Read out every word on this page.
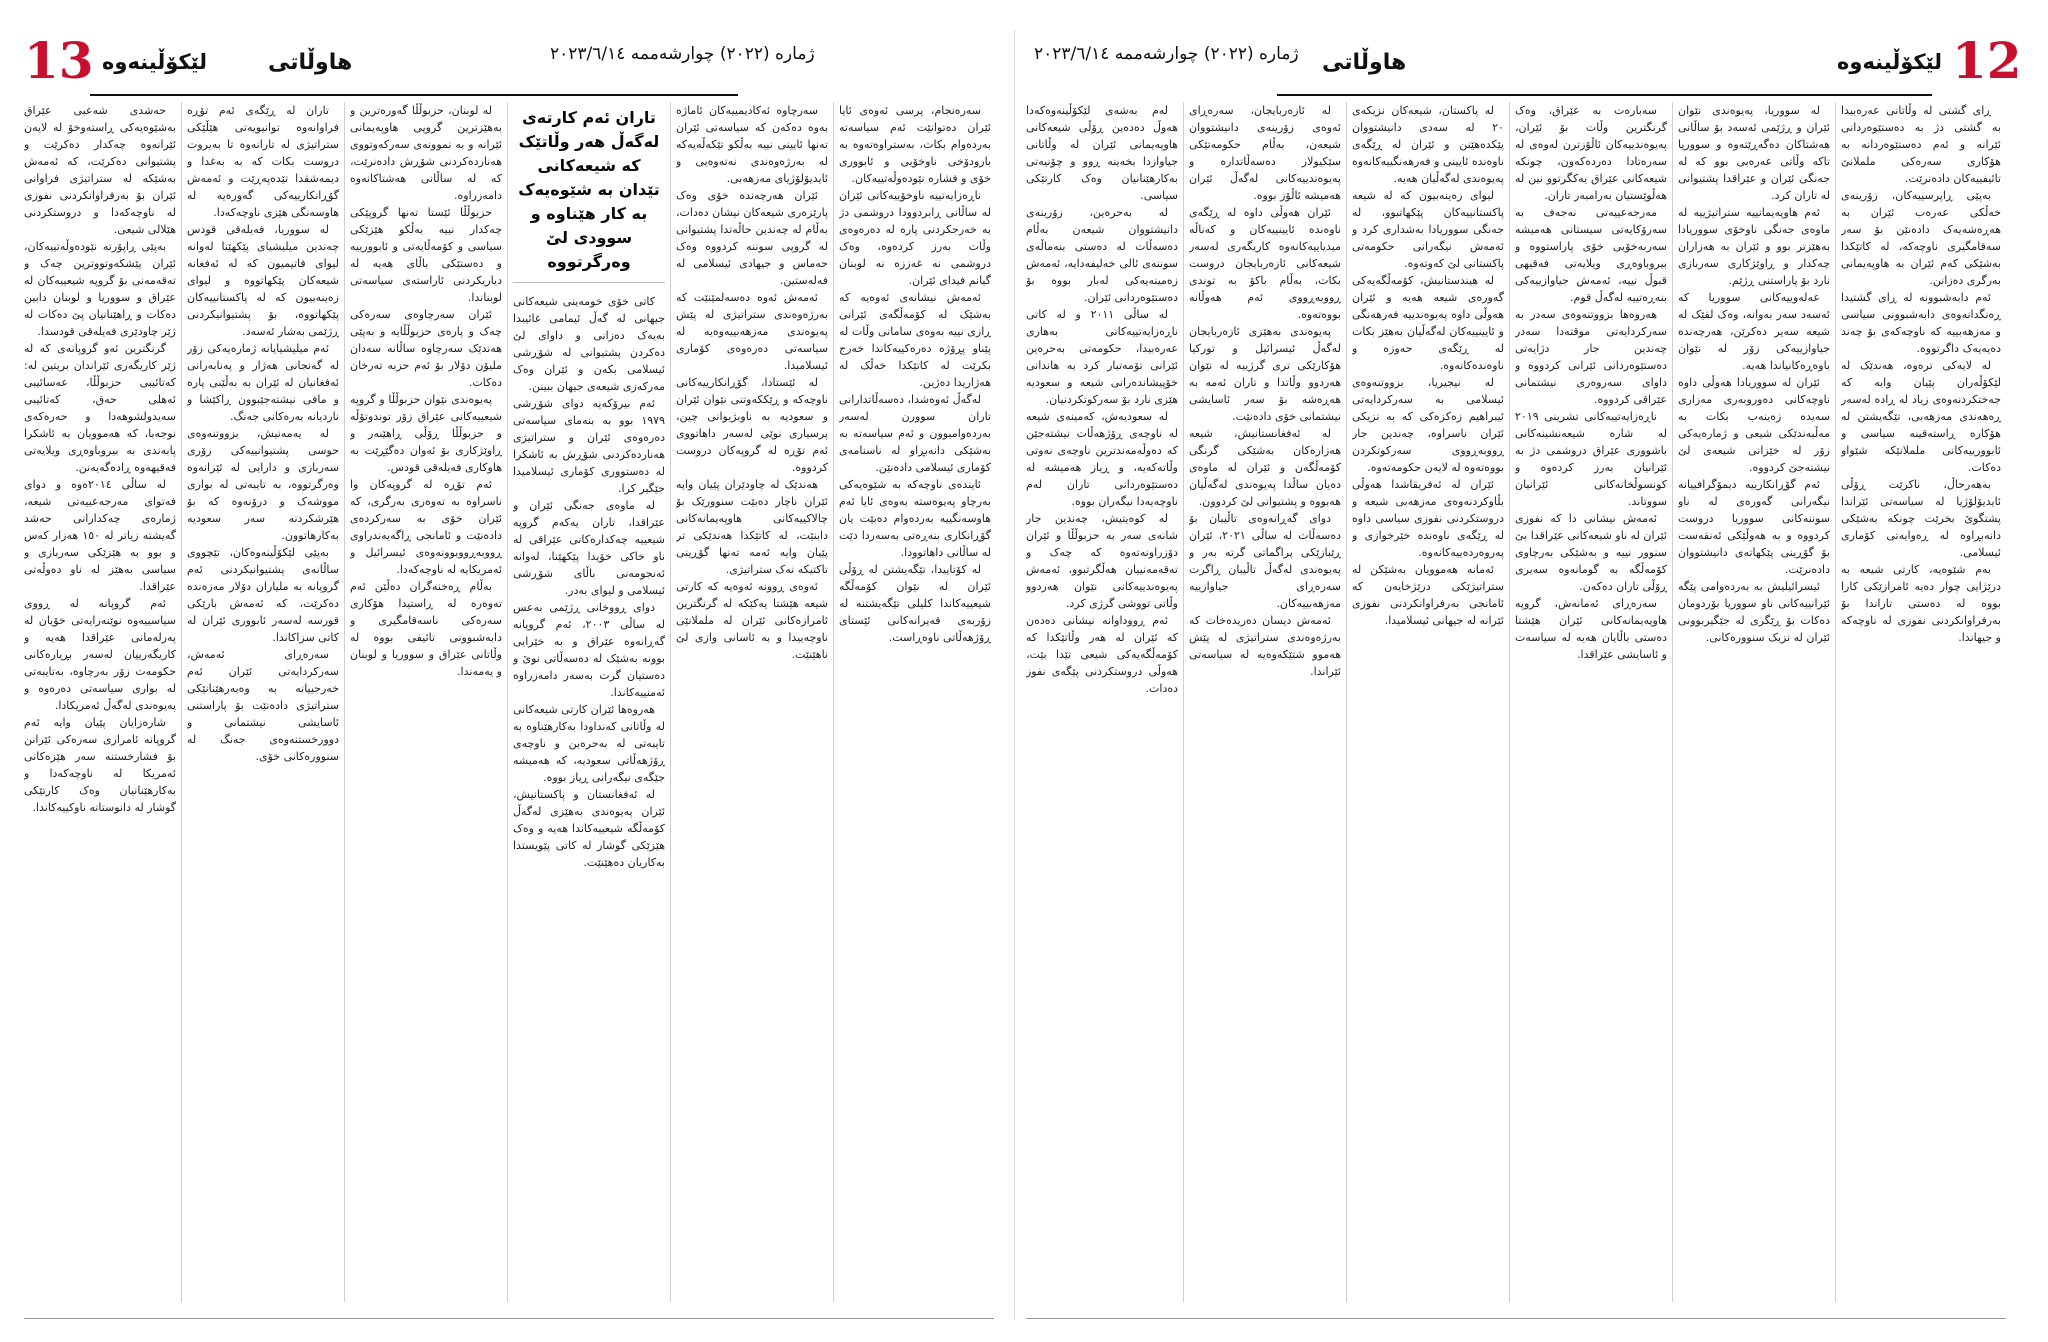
13 لێکۆڵینەوە	هاوڵاتی	ژمارە (٢٠٢٢) چوارشەممە ٢٠٢٣/٦/١٤

حەشدی شەعبی عێراق بەشێوەیەکی ڕاستەوخۆ لە لایەن ئێرانەوە چەکدار دەکرێت و پشتیوانی دەکرێت، کە ئەمەش بەشێکە لە ستراتیژی فراوانی ئێران بۆ بەرفراوانکردنی نفوزی لە ناوچەکەدا و دروستکردنی هێلالی شیعی.

بەپێی ڕاپۆرتە نێودەوڵەتییەکان، ئێران پێشکەوتووترین چەک و تەقەمەنی بۆ گروپە شیعییەکان لە عێراق و سووریا و لوبنان دابین دەکات و ڕاهێنانیان پێ دەکات لە ژێر چاودێری فەیلەقی قودسدا.

گرنگترین ئەو گروپانەی کە لە ژێر کاریگەری ئێراندان بریتین لە: کەتائیبی حزبوڵڵا، عەسائیبی ئەهلی حەق، کەتائیبی سەیدولشوهەدا و حەرەکەی نوجەبا، کە هەموویان بە ئاشکرا پابەندی بە بیروباوەڕی ویلایەتی فەقیهەوە ڕادەگەیەنن.

لە ساڵی ٢٠١٤ەوە و دوای فەتوای مەرجەعییەتی شیعە، ژمارەی چەکدارانی حەشد گەیشتە زیاتر لە ١٥٠ هەزار کەس و بوو بە هێزێکی سەربازی و سیاسی بەهێز لە ناو دەوڵەتی عێراقدا.

ئەم گروپانە لە ڕووی سیاسییەوە نوێنەرایەتی خۆیان لە پەرلەمانی عێراقدا هەیە و کاریگەرییان لەسەر بڕیارەکانی حکومەت زۆر بەرچاوە، بەتایبەتی لە بواری سیاسەتی دەرەوە و پەیوەندی لەگەڵ ئەمریکادا.

شارەزایان پێیان وایە ئەم گروپانە ئامرازی سەرەکی ئێرانن بۆ فشارخستنە سەر هێزەکانی ئەمریکا لە ناوچەکەدا و بەکارهێنانیان وەک کارتێکی گوشار لە دانوستانە ناوکییەکاندا.

تاران لە ڕێگەی ئەم تۆڕە فراوانەوە توانیویەتی هێڵێکی ستراتیژی لە تارانەوە تا بەیروت دروست بکات کە بە بەغدا و دیمەشقدا تێدەپەڕێت و ئەمەش گۆڕانکارییەکی گەورەیە لە هاوسەنگی هێزی ناوچەکەدا.

لە سووریا، فەیلەقی قودس چەندین میلیشیای پێکهێنا لەوانە لیوای فاتیمیون کە لە ئەفغانە شیعەکان پێکهاتووە و لیوای زەینەبیون کە لە پاکستانییەکان پێکهاتووە، بۆ پشتیوانیکردنی ڕژێمی بەشار ئەسەد.

ئەم میلیشیایانە ژمارەیەکی زۆر لە گەنجانی هەژار و پەنابەرانی ئەفغانیان لە ئێران بە بەڵێنی پارە و مافی نیشتەجێبوون ڕاکێشا و ناردیانە بەرەکانی جەنگ.

لە یەمەنیش، بزووتنەوەی حوسی پشتیوانییەکی زۆری سەربازی و دارایی لە ئێرانەوە وەرگرتووە، بە تایبەتی لە بواری مووشەک و درۆنەوە کە بۆ هێرشکردنە سەر سعودیە بەکارهاتوون.

بەپێی لێکۆڵینەوەکان، تێچووی ساڵانەی پشتیوانیکردنی ئەم گروپانە بە ملیاران دۆلار مەزەندە دەکرێت، کە ئەمەش بارێکی قورسە لەسەر ئابووری ئێران لە کاتی سزاکاندا.

سەرەڕای ئەمەش، سەرکردایەتی ئێران ئەم خەرجییانە بە وەبەرهێنانێکی ستراتیژی دادەنێت بۆ پاراستنی ئاسایشی نیشتمانی و دوورخستنەوەی جەنگ لە سنوورەکانی خۆی.

لە لوبنان، حزبوڵڵا گەورەترین و بەهێزترین گروپی هاوپەیمانی ئێرانە و بە نموونەی سەرکەوتووی هەناردەکردنی شۆڕش دادەنرێت، کە لە ساڵانی هەشتاکانەوە دامەزراوە.

حزبوڵڵا ئێستا تەنها گروپێکی چەکدار نییە بەڵکو هێزێکی سیاسی و کۆمەڵایەتی و ئابوورییە و دەستێکی باڵای هەیە لە دیاریکردنی ئاراستەی سیاسەتی لوبناندا.

ئێران سەرچاوەی سەرەکی چەک و پارەی حزبوڵڵایە و بەپێی هەندێک سەرچاوە ساڵانە سەدان ملیۆن دۆلار بۆ ئەم حزبە تەرخان دەکات.

پەیوەندی نێوان حزبوڵڵا و گروپە شیعییەکانی عێراق زۆر توندوتۆڵە و حزبوڵڵا ڕۆڵی ڕاهێنەر و ڕاوێژکاری بۆ ئەوان دەگێڕێت بە هاوکاری فەیلەقی قودس.

ئەم تۆڕە لە گروپەکان وا ناسراوە بە تەوەری بەرگری، کە ئێران خۆی بە سەرکردەی دادەنێت و ئامانجی ڕاگەیەندراوی ڕووبەڕووبوونەوەی ئیسرائیل و ئەمریکایە لە ناوچەکەدا.

بەڵام ڕەخنەگران دەڵێن ئەم تەوەرە لە ڕاستیدا هۆکاری سەرەکی ناسەقامگیری و دابەشبوونی تائیفی بووە لە وڵاتانی عێراق و سووریا و لوبنان و یەمەندا.

تاران ئەم کارتەی لەگەڵ هەر وڵاتێک کە شیعەکانی تێدان بە شێوەیەک بە کار هێناوە و سوودی لێ وەرگرتووە

کاتی خۆی خومەینی شیعەکانی جیهانی لە گەڵ ئیمامی غائیبدا بەیەک دەزانی و داوای لێ دەکردن پشتیوانی لە شۆڕشی ئیسلامی بکەن و ئێران وەک مەرکەزی شیعەی جیهان ببینن.

ئەم بیرۆکەیە دوای شۆڕشی ١٩٧٩ بوو بە بنەمای سیاسەتی دەرەوەی ئێران و ستراتیژی هەناردەکردنی شۆڕش بە ئاشکرا لە دەستووری کۆماری ئیسلامیدا جێگیر کرا.

لە ماوەی جەنگی ئێران و عێراقدا، تاران یەکەم گروپە شیعییە چەکدارەکانی عێراقی لە ناو خاکی خۆیدا پێکهێنا، لەوانە ئەنجومەنی باڵای شۆڕشی ئیسلامی و لیوای بەدر.

دوای ڕووخانی ڕژێمی بەعس لە ساڵی ٢٠٠٣، ئەم گروپانە گەڕانەوە عێراق و بە خێرایی بوونە بەشێک لە دەسەڵاتی نوێ و دەستیان گرت بەسەر دامەزراوە ئەمنییەکاندا.

هەروەها ئێران کارتی شیعەکانی لە وڵاتانی کەنداودا بەکارهێناوە بە تایبەتی لە بەحرەین و ناوچەی ڕۆژهەڵاتی سعودیە، کە هەمیشە جێگەی نیگەرانی ڕیاز بووە.

لە ئەفغانستان و پاکستانیش، ئێران پەیوەندی بەهێزی لەگەڵ کۆمەڵگە شیعییەکاندا هەیە و وەک هێزێکی گوشار لە کاتی پێویستدا بەکاریان دەهێنێت.

سەرچاوە ئەکادیمییەکان ئاماژە بەوە دەکەن کە سیاسەتی ئێران تەنها ئایینی نییە بەڵکو تێکەڵەیەکە لە بەرژەوەندی نەتەوەیی و ئایدیۆلۆژیای مەزهەبی.

ئێران هەرچەندە خۆی وەک پارێزەری شیعەکان نیشان دەدات، بەڵام لە چەندین حاڵەتدا پشتیوانی لە گروپی سوننە کردووە وەک حەماس و جیهادی ئیسلامی لە فەلەستین.

ئەمەش ئەوە دەسەلمێنێت کە بەرژەوەندی ستراتیژی لە پێش پەیوەندی مەزهەبییەوەیە لە سیاسەتی دەرەوەی کۆماری ئیسلامیدا.

لە ئێستادا، گۆڕانکارییەکانی ناوچەکە و ڕێککەوتنی نێوان ئێران و سعودیە بە ناوبژیوانی چین، پرسیاری نوێی لەسەر داهاتووی ئەم تۆڕە لە گروپەکان دروست کردووە.

هەندێک لە چاودێران پێیان وایە ئێران ناچار دەبێت سنوورێک بۆ چالاکییەکانی هاوپەیمانەکانی دابنێت، لە کاتێکدا هەندێکی تر پێیان وایە ئەمە تەنها گۆڕینی تاکتیکە نەک ستراتیژی.

ئەوەی ڕوونە ئەوەیە کە کارتی شیعە هێشتا یەکێکە لە گرنگترین ئامرازەکانی ئێران لە ململانێی ناوچەییدا و بە ئاسانی وازی لێ ناهێنێت.

سەرەنجام، پرسی ئەوەی ئایا ئێران دەتوانێت ئەم سیاسەتە بەردەوام بکات، بەستراوەتەوە بە بارودۆخی ناوخۆیی و ئابووری خۆی و فشارە نێودەوڵەتییەکان.

ناڕەزایەتییە ناوخۆییەکانی ئێران لە ساڵانی ڕابردوودا دروشمی دژ بە خەرجکردنی پارە لە دەرەوەی وڵات بەرز کردەوە، وەک دروشمی نە غەززە نە لوبنان گیانم فیدای ئێران.

ئەمەش نیشانەی ئەوەیە کە بەشێک لە کۆمەڵگەی ئێرانی ڕازی نییە بەوەی سامانی وڵات لە پێناو پڕۆژە دەرەکییەکاندا خەرج بکرێت لە کاتێکدا خەڵک لە هەژاریدا دەژین.

لەگەڵ ئەوەشدا، دەسەڵاتدارانی تاران سوورن لەسەر بەردەوامبوون و ئەم سیاسەتە بە بەشێکی دانەبڕاو لە ناسنامەی کۆماری ئیسلامی دادەنێن.

ئایندەی ناوچەکە بە شێوەیەکی بەرچاو پەیوەستە بەوەی ئایا ئەم هاوسەنگییە بەردەوام دەبێت یان گۆڕانکاری بنەڕەتی بەسەردا دێت لە ساڵانی داهاتوودا.

لە کۆتاییدا، تێگەیشتن لە ڕۆڵی ئێران لە نێوان کۆمەڵگە شیعییەکاندا کلیلی تێگەیشتنە لە زۆربەی قەیرانەکانی ئێستای ڕۆژهەڵاتی ناوەڕاست.

ژمارە (٢٠٢٢) چوارشەممە ٢٠٢٣/٦/١٤ هاوڵاتی	لێکۆڵینەوە 12

لەم بەشەی لێکۆڵینەوەکەدا هەوڵ دەدەین ڕۆڵی شیعەکانی هاوپەیمانی ئێران لە وڵاتانی جیاوازدا بخەینە ڕوو و چۆنیەتی بەکارهێنانیان وەک کارتێکی سیاسی.

لە بەحرەین، زۆرینەی دانیشتووان شیعەن بەڵام دەسەڵات لە دەستی بنەماڵەی سوننەی ئالی خەلیفەدایە، ئەمەش زەمینەیەکی لەبار بووە بۆ دەستێوەردانی ئێران.

لە ساڵی ٢٠١١ و لە کاتی ناڕەزایەتییەکانی بەهاری عەرەبیدا، حکومەتی بەحرەین ئێرانی تۆمەتبار کرد بە هاندانی خۆپیشاندەرانی شیعە و سعودیە هێزی نارد بۆ سەرکوتکردنیان.

لە سعودیەش، کەمینەی شیعە لە ناوچەی ڕۆژهەڵات نیشتەجێن کە دەوڵەمەندترین ناوچەی نەوتی وڵاتەکەیە، و ڕیاز هەمیشە لە دەستێوەردانی تاران لەم ناوچەیەدا نیگەران بووە.

لە کوەیتیش، چەندین جار شانەی سەر بە حزبوڵڵا و ئێران دۆزراونەتەوە کە چەک و تەقەمەنییان هەڵگرتبوو، ئەمەش پەیوەندییەکانی نێوان هەردوو وڵاتی تووشی گرژی کرد.

ئەم ڕووداوانە نیشانی دەدەن کە ئێران لە هەر وڵاتێکدا کە کۆمەڵگەیەکی شیعی تێدا بێت، هەوڵی دروستکردنی پێگەی نفوز دەدات.

لە ئازەربایجان، سەرەڕای ئەوەی زۆرینەی دانیشتووان شیعەن، بەڵام حکومەتێکی سێکیولار دەسەڵاتدارە و پەیوەندییەکانی لەگەڵ ئێران هەمیشە ئاڵۆز بووە.

ئێران هەوڵی داوە لە ڕێگەی ناوەندە ئایینییەکان و کەناڵە میدیاییەکانەوە کاریگەری لەسەر شیعەکانی ئازەربایجان دروست بکات، بەڵام باکۆ بە توندی ڕووبەڕووی ئەم هەوڵانە بووەتەوە.

پەیوەندی بەهێزی ئازەربایجان لەگەڵ ئیسرائیل و تورکیا هۆکارێکی تری گرژییە لە نێوان هەردوو وڵاتدا و تاران ئەمە بە هەڕەشە بۆ سەر ئاسایشی نیشتمانی خۆی دادەنێت.

لە ئەفغانستانیش، شیعە هەزارەکان بەشێکی گرنگی کۆمەڵگەن و ئێران لە ماوەی دەیان ساڵدا پەیوەندی لەگەڵیان هەبووە و پشتیوانی لێ کردوون.

دوای گەڕانەوەی تاڵیبان بۆ دەسەڵات لە ساڵی ٢٠٢١، ئێران ڕێبازێکی پراگماتی گرتە بەر و پەیوەندی لەگەڵ تاڵیبان ڕاگرت سەرەڕای جیاوازییە مەزهەبییەکان.

ئەمەش دیسان دەریدەخات کە بەرژەوەندی ستراتیژی لە پێش هەموو شتێکەوەیە لە سیاسەتی ئێراندا.

لە پاکستان، شیعەکان نزیکەی ٢٠ لە سەدی دانیشتووان پێکدەهێنن و ئێران لە ڕێگەی ناوەندە ئایینی و فەرهەنگییەکانەوە پەیوەندی لەگەڵیان هەیە.

لیوای زەینەبیون کە لە شیعە پاکستانییەکان پێکهاتبوو، لە جەنگی سووریادا بەشداری کرد و ئەمەش نیگەرانی حکومەتی پاکستانی لێ کەوتەوە.

لە هیندستانیش، کۆمەڵگەیەکی گەورەی شیعە هەیە و ئێران هەوڵی داوە پەیوەندییە فەرهەنگی و ئایینییەکان لەگەڵیان بەهێز بکات لە ڕێگەی حەوزە و ناوەندەکانەوە.

لە نیجیریا، بزووتنەوەی ئیسلامی بە سەرکردایەتی ئیبراهیم زەکزەکی کە بە نزیکی ئێران ناسراوە، چەندین جار ڕووبەڕووی سەرکوتکردن بووەتەوە لە لایەن حکومەتەوە.

ئێران لە ئەفریقاشدا هەوڵی بڵاوکردنەوەی مەزهەبی شیعە و دروستکردنی نفوزی سیاسی داوە لە ڕێگەی ناوەندە خێرخوازی و پەروەردەییەکانەوە.

ئەمانە هەموویان بەشێکن لە ستراتیژێکی درێژخایەن کە ئامانجی بەرفراوانکردنی نفوزی ئێرانە لە جیهانی ئیسلامیدا.

سەبارەت بە عێراق، وەک گرنگترین وڵات بۆ ئێران، پەیوەندییەکان ئاڵۆزترن لەوەی لە سەرەتادا دەردەکەون، چونکە شیعەکانی عێراق یەکگرتوو نین لە هەڵوێستیان بەرامبەر تاران.

مەرجەعییەتی نەجەف بە سەرۆکایەتی سیستانی هەمیشە سەربەخۆیی خۆی پاراستووە و بیروباوەڕی ویلایەتی فەقیهی قبوڵ نییە، ئەمەش جیاوازییەکی بنەڕەتییە لەگەڵ قوم.

هەروەها بزووتنەوەی سەدر بە سەرکردایەتی موقتەدا سەدر چەندین جار دژایەتی دەستێوەردانی ئێرانی کردووە و داوای سەروەری نیشتمانی عێراقی کردووە.

ناڕەزایەتییەکانی تشرینی ٢٠١٩ لە شارە شیعەنشینەکانی باشووری عێراق دروشمی دژ بە ئێرانیان بەرز کردەوە و کونسوڵخانەکانی ئێرانیان سووتاند.

ئەمەش نیشانی دا کە نفوزی ئێران لە ناو شیعەکانی عێراقدا بێ سنوور نییە و بەشێکی بەرچاوی کۆمەڵگە بە گومانەوە سەیری ڕۆڵی تاران دەکەن.

سەرەڕای ئەمانەش، گروپە هاوپەیمانەکانی ئێران هێشتا دەستی باڵایان هەیە لە سیاسەت و ئاسایشی عێراقدا.

لە سووریا، پەیوەندی نێوان ئێران و ڕژێمی ئەسەد بۆ ساڵانی هەشتاکان دەگەڕێتەوە و سووریا تاکە وڵاتی عەرەبی بوو کە لە جەنگی ئێران و عێراقدا پشتیوانی لە تاران کرد.

ئەم هاوپەیمانییە ستراتیژییە لە ماوەی جەنگی ناوخۆی سووریادا بەهێزتر بوو و ئێران بە هەزاران چەکدار و ڕاوێژکاری سەربازی نارد بۆ پاراستنی ڕژێم.

عەلەوییەکانی سووریا کە ئەسەد سەر بەوانە، وەک لقێک لە شیعە سەیر دەکرێن، هەرچەندە جیاوازییەکی زۆر لە نێوان باوەڕەکانیاندا هەیە.

ئێران لە سووریادا هەوڵی داوە ناوچەکانی دەوروبەری مەزاری سەیدە زەینەب بکات بە مەڵبەندێکی شیعی و ژمارەیەکی زۆر لە خێزانی شیعەی لێ نیشتەجێ کردووە.

ئەم گۆڕانکارییە دیمۆگرافییانە نیگەرانی گەورەی لە ناو سوننەکانی سووریا دروست کردووە و بە هەوڵێکی ئەنقەست بۆ گۆڕینی پێکهاتەی دانیشتووان دادەنرێت.

ئیسرائیلیش بە بەردەوامی پێگە ئێرانییەکانی ناو سووریا بۆردومان دەکات بۆ ڕێگری لە جێگیربوونی ئێران لە نزیک سنوورەکانی.

ڕای گشتی لە وڵاتانی عەرەبیدا بە گشتی دژ بە دەستێوەردانی ئێرانە و ئەم دەستێوەردانە بە هۆکاری سەرەکی ململانێ تائیفییەکان دادەنرێت.

بەپێی ڕاپرسییەکان، زۆرینەی خەڵکی عەرەب ئێران بە هەڕەشەیەک دادەنێن بۆ سەر سەقامگیری ناوچەکە، لە کاتێکدا بەشێکی کەم ئێران بە هاوپەیمانی بەرگری دەزانن.

ئەم دابەشبوونە لە ڕای گشتیدا ڕەنگدانەوەی دابەشبوونی سیاسی و مەزهەبییە کە ناوچەکەی بۆ چەند دەیەیەک داگرتووە.

لە لایەکی ترەوە، هەندێک لە لێکۆڵەران پێیان وایە کە جەختکردنەوەی زیاد لە ڕادە لەسەر ڕەهەندی مەزهەبی، تێگەیشتن لە هۆکارە ڕاستەقینە سیاسی و ئابوورییەکانی ململانێکە شێواو دەکات.

بەهەرحاڵ، ناکرێت ڕۆڵی ئایدیۆلۆژیا لە سیاسەتی ئێراندا پشتگوێ بخرێت چونکە بەشێکی دانەبڕاوە لە ڕەوایەتی کۆماری ئیسلامی.

بەم شێوەیە، کارتی شیعە بە درێژایی چوار دەیە ئامرازێکی کارا بووە لە دەستی تاراندا بۆ بەرفراوانکردنی نفوزی لە ناوچەکە و جیهاندا.
